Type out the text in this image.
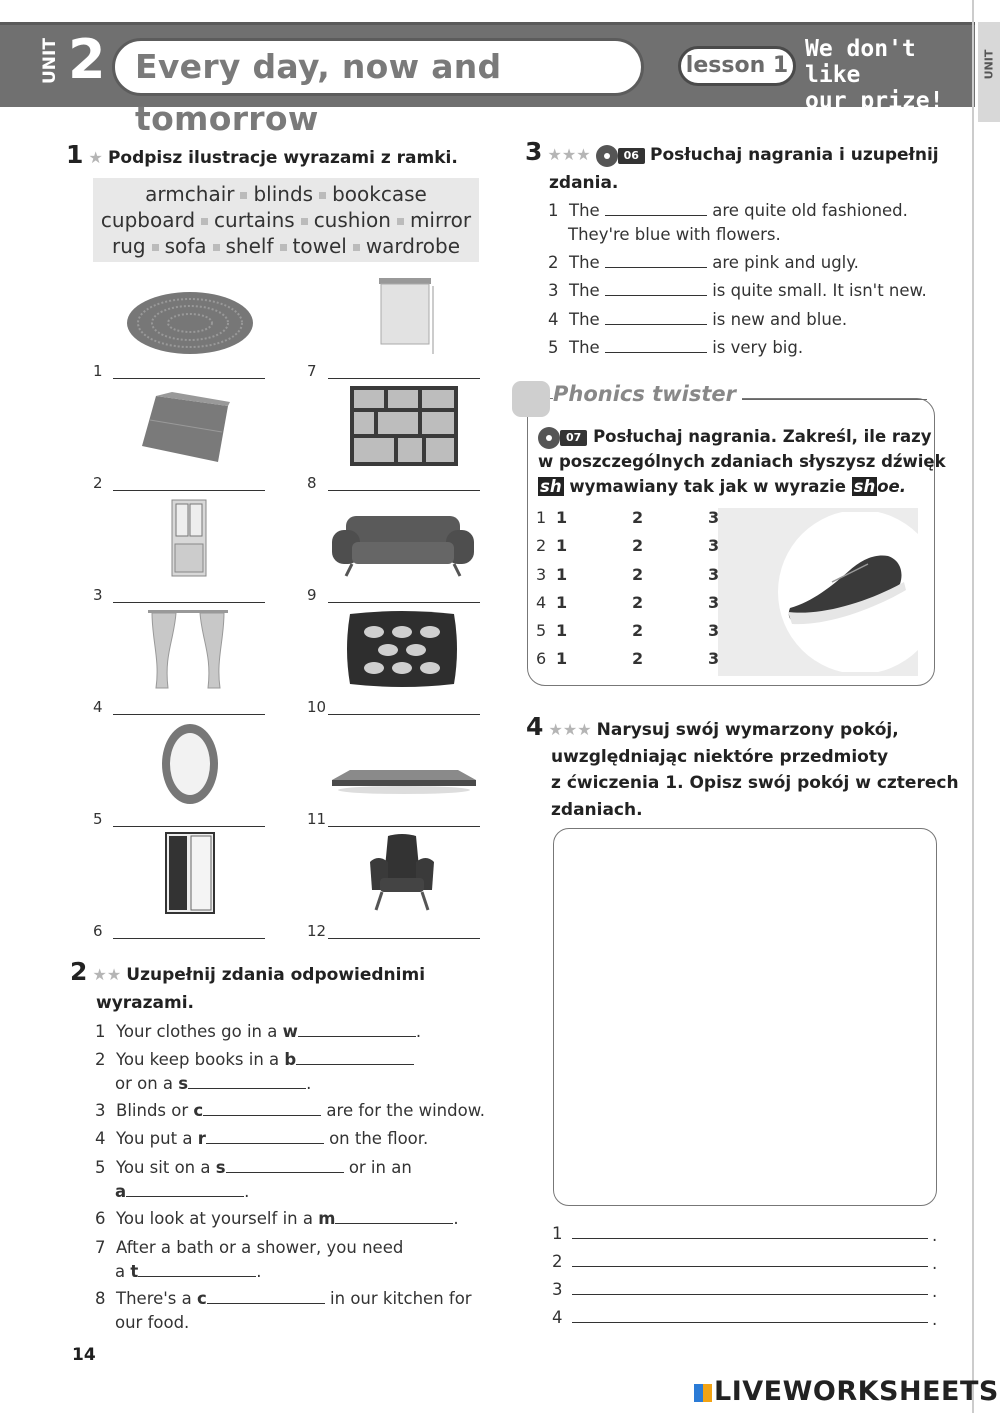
UNIT 2 Every day, now and tomorrow
lesson 1
We don't like
our prize!
UNIT
1 ★ Podpisz ilustracje wyrazami z ramki.
armchair blinds bookcase
cupboard curtains cushion mirror
rug sofa shelf towel wardrobe
1
2
3
4
5
6
7
8
9
10
11
12
2 ★★ Uzupełnij zdania odpowiednimi
wyrazami.
1 Your clothes go in a w	.
2 You keep books in a b
or on a s	.
3 Blinds or c	are for the window.
4 You put a r	on the floor.
5 You sit on a s	or in an
a	.
6 You look at yourself in a m	.
7 After a bath or a shower, you need
a t	.
8 There's a c	in our kitchen for
our food.
3 ★★★	06 Posłuchaj nagrania i uzupełnij
zdania.
1 The	are quite old fashioned.
They're blue with flowers.
2 The	are pink and ugly.
3 The	is quite small. It isn't new.
4 The	is new and blue.
5 The	is very big.
Phonics twister
07 Posłuchaj nagrania. Zakreśl, ile razy
w poszczególnych zdaniach słyszysz dźwięk
sh wymawiany tak jak w wyrazie sh oe.
1 1	2	3
2 1	2	3
3 1	2	3
4 1	2	3
5 1	2	3
6 1	2	3
4 ★★★ Narysuj swój wymarzony pokój,
uwzględniając niektóre przedmioty
z ćwiczenia 1. Opisz swój pokój w czterech
zdaniach.
1	.
2	.
3	.
4	.
14
LIVEWORKSHEETS
